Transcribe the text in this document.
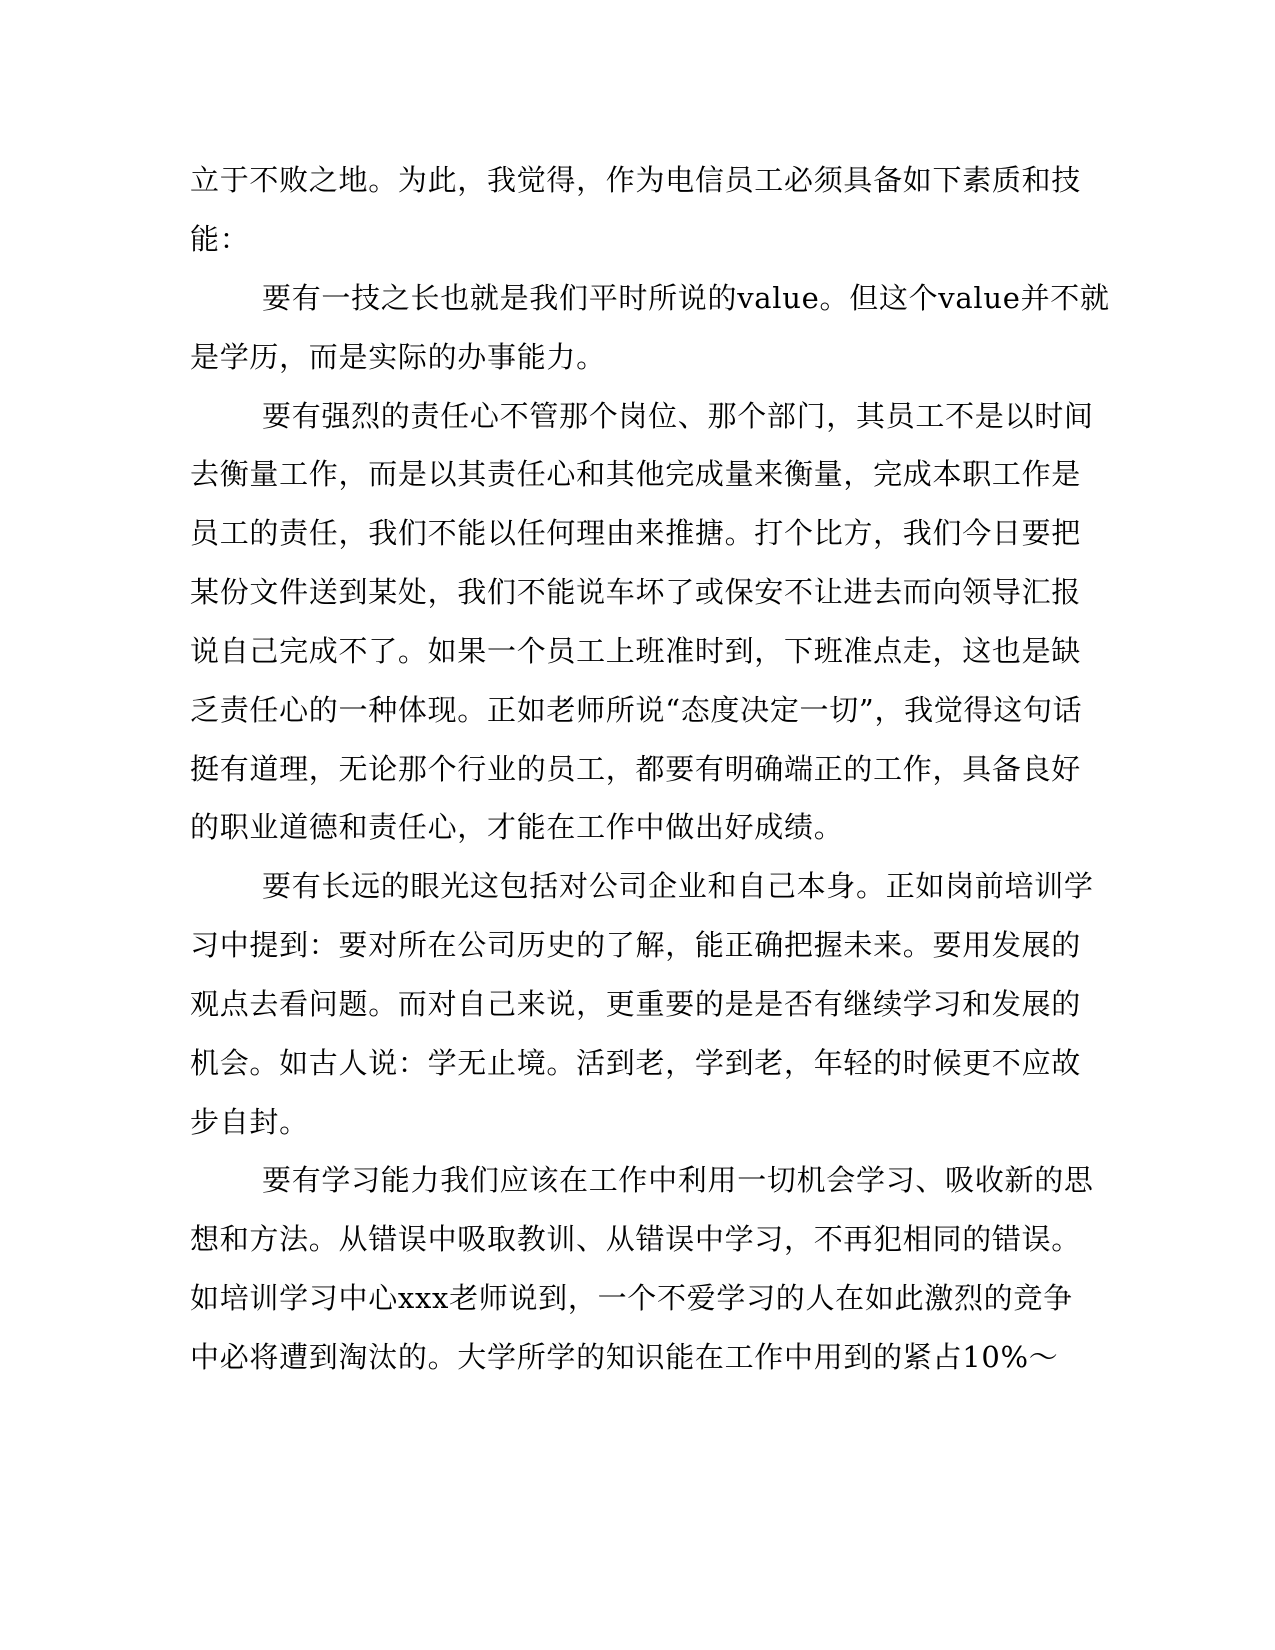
立于不败之地。为此，我觉得，作为电信员工必须具备如下素质和技
能：
要有一技之长也就是我们平时所说的value。但这个value并不就
是学历，而是实际的办事能力。
要有强烈的责任心不管那个岗位、那个部门，其员工不是以时间
去衡量工作，而是以其责任心和其他完成量来衡量，完成本职工作是
员工的责任，我们不能以任何理由来推搪。打个比方，我们今日要把
某份文件送到某处，我们不能说车坏了或保安不让进去而向领导汇报
说自己完成不了。如果一个员工上班准时到，下班准点走，这也是缺
乏责任心的一种体现。正如老师所说“态度决定一切”，我觉得这句话
挺有道理，无论那个行业的员工，都要有明确端正的工作，具备良好
的职业道德和责任心，才能在工作中做出好成绩。
要有长远的眼光这包括对公司企业和自己本身。正如岗前培训学
习中提到：要对所在公司历史的了解，能正确把握未来。要用发展的
观点去看问题。而对自己来说，更重要的是是否有继续学习和发展的
机会。如古人说：学无止境。活到老，学到老，年轻的时候更不应故
步自封。
要有学习能力我们应该在工作中利用一切机会学习、吸收新的思
想和方法。从错误中吸取教训、从错误中学习，不再犯相同的错误。
如培训学习中心xxx老师说到，一个不爱学习的人在如此激烈的竞争
中必将遭到淘汰的。大学所学的知识能在工作中用到的紧占10%～
